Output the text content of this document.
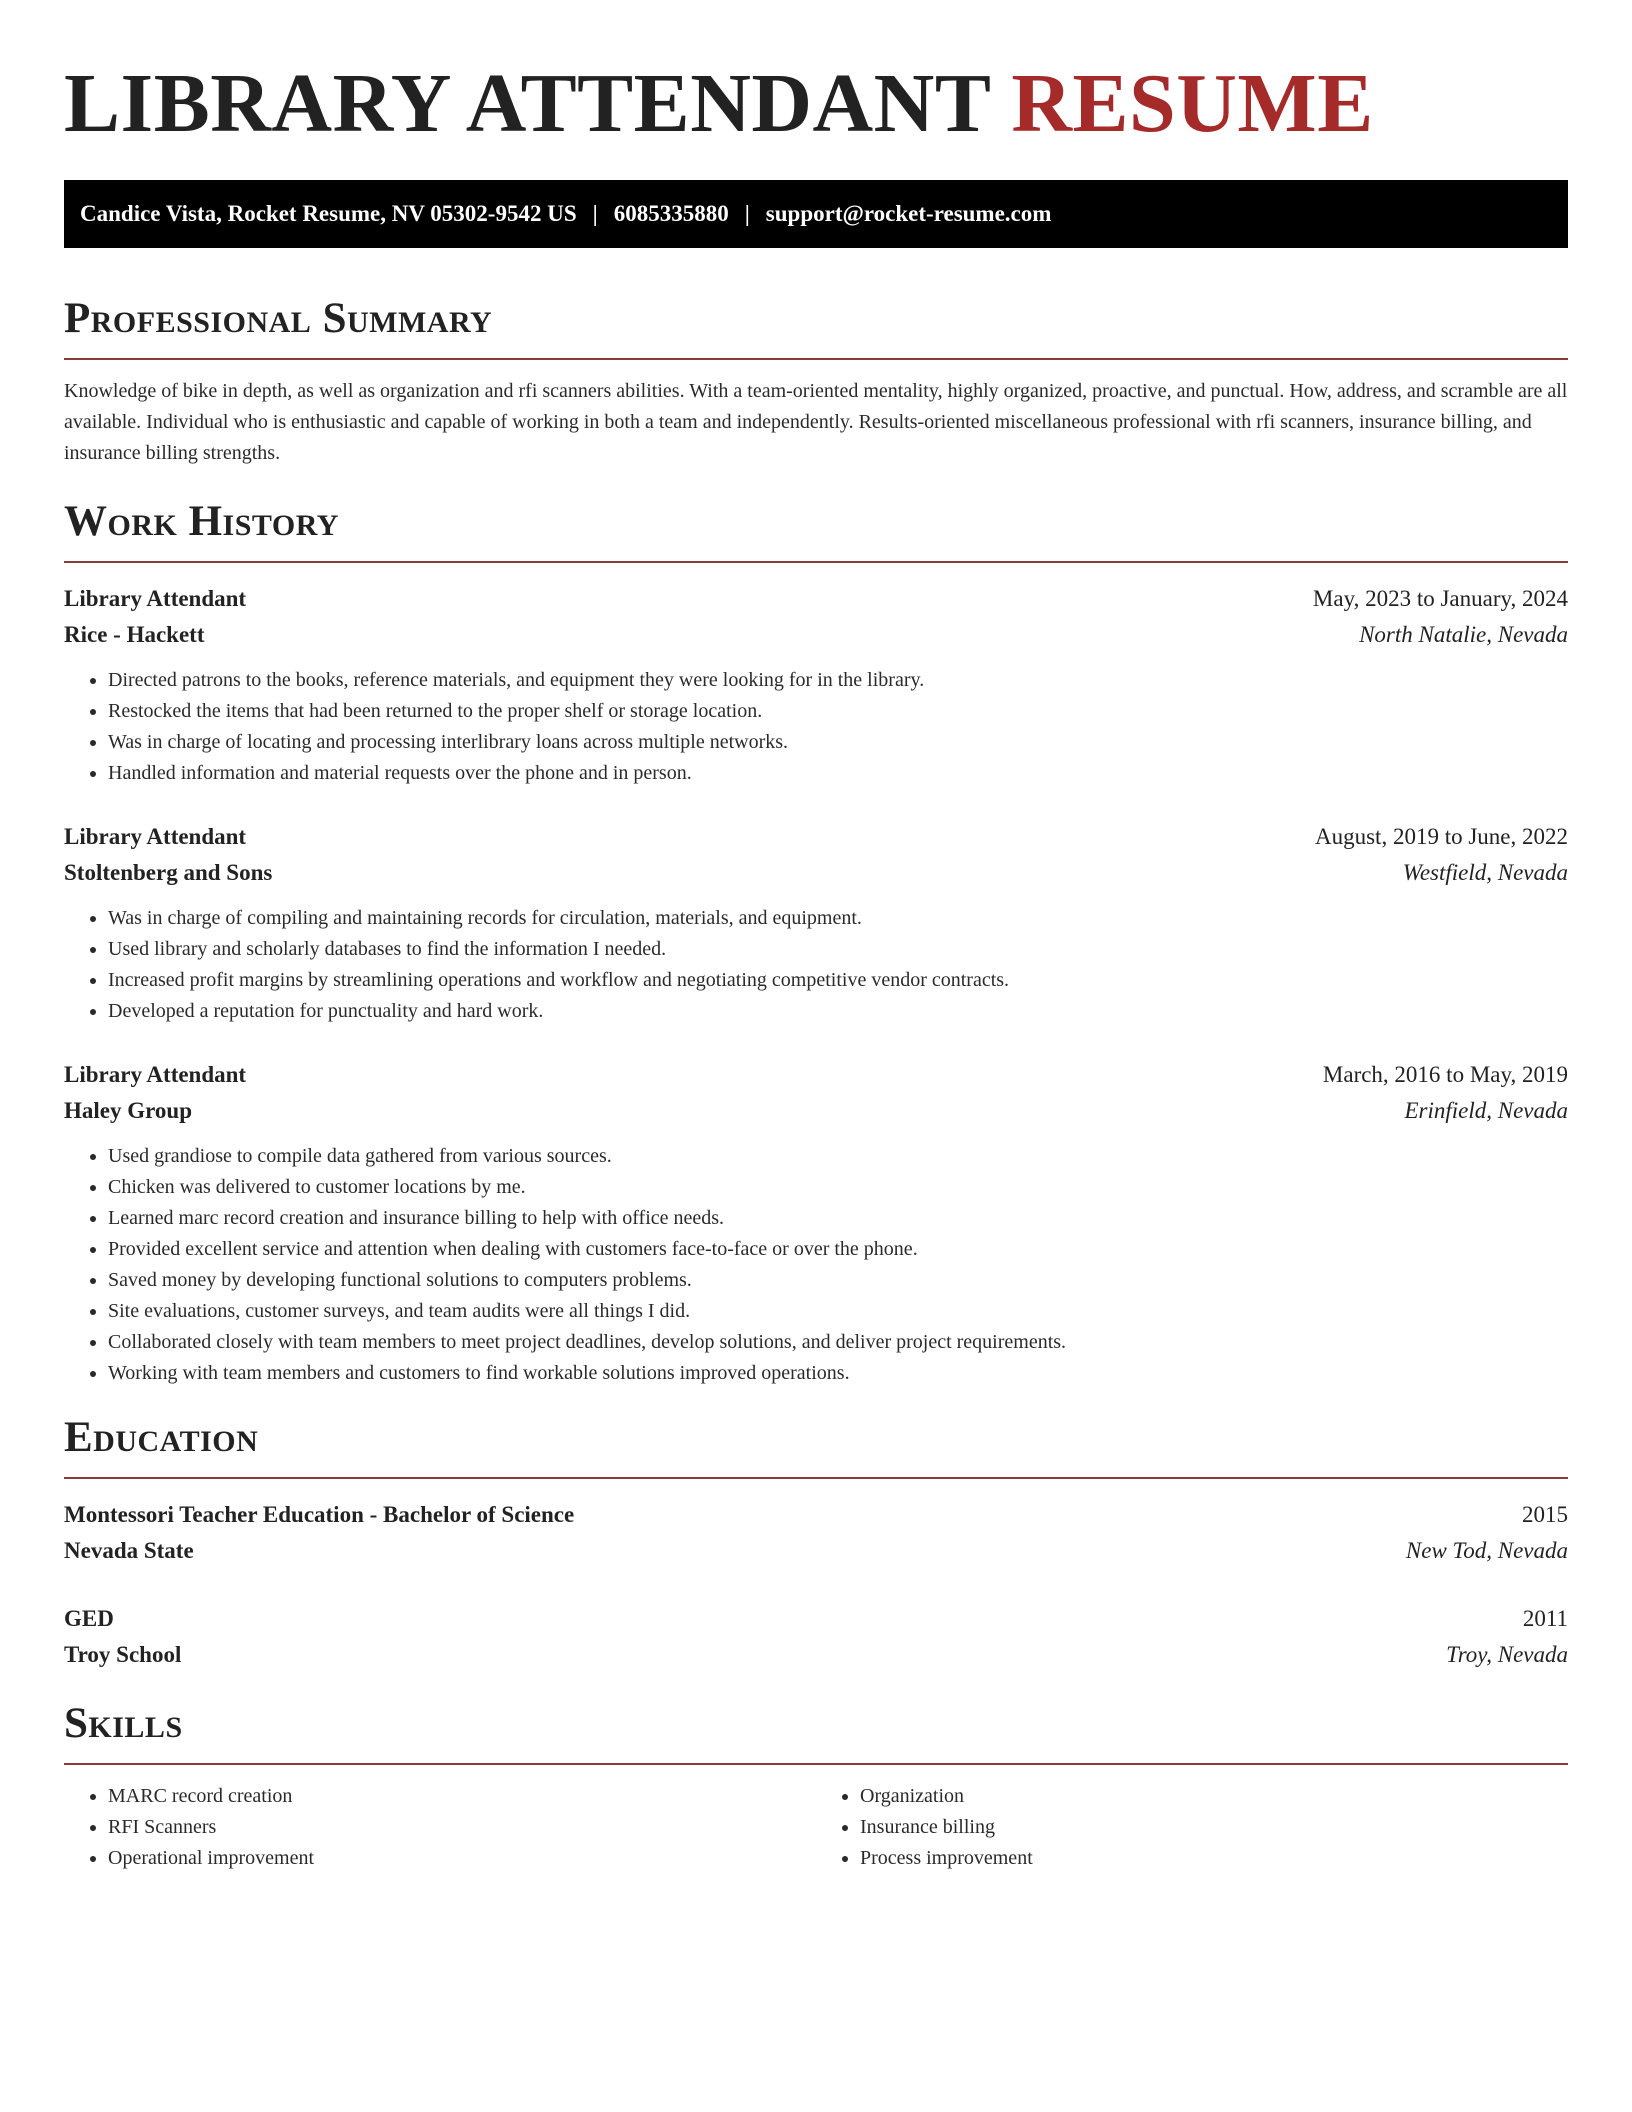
LIBRARY ATTENDANT RESUME
Candice Vista, Rocket Resume, NV 05302-9542 US | 6085335880 | support@rocket-resume.com
Professional Summary

Knowledge of bike in depth, as well as organization and rfi scanners abilities. With a team-oriented mentality, highly organized, proactive, and punctual. How, address, and scramble are all available. Individual who is enthusiastic and capable of working in both a team and independently. Results-oriented miscellaneous professional with rfi scanners, insurance billing, and insurance billing strengths.

Work History
Library Attendant	May, 2023 to January, 2024
Rice - Hackett	North Natalie, Nevada
• Directed patrons to the books, reference materials, and equipment they were looking for in the library.
• Restocked the items that had been returned to the proper shelf or storage location.
• Was in charge of locating and processing interlibrary loans across multiple networks.
• Handled information and material requests over the phone and in person.
Library Attendant	August, 2019 to June, 2022
Stoltenberg and Sons	Westfield, Nevada
• Was in charge of compiling and maintaining records for circulation, materials, and equipment.
• Used library and scholarly databases to find the information I needed.
• Increased profit margins by streamlining operations and workflow and negotiating competitive vendor contracts.
• Developed a reputation for punctuality and hard work.
Library Attendant	March, 2016 to May, 2019
Haley Group	Erinfield, Nevada
• Used grandiose to compile data gathered from various sources.
• Chicken was delivered to customer locations by me.
• Learned marc record creation and insurance billing to help with office needs.
• Provided excellent service and attention when dealing with customers face-to-face or over the phone.
• Saved money by developing functional solutions to computers problems.
• Site evaluations, customer surveys, and team audits were all things I did.
• Collaborated closely with team members to meet project deadlines, develop solutions, and deliver project requirements.
• Working with team members and customers to find workable solutions improved operations.
Education
Montessori Teacher Education - Bachelor of Science	2015
Nevada State	New Tod, Nevada
GED	2011
Troy School	Troy, Nevada
Skills
• MARC record creation
• RFI Scanners
• Operational improvement
• Organization
• Insurance billing
• Process improvement
